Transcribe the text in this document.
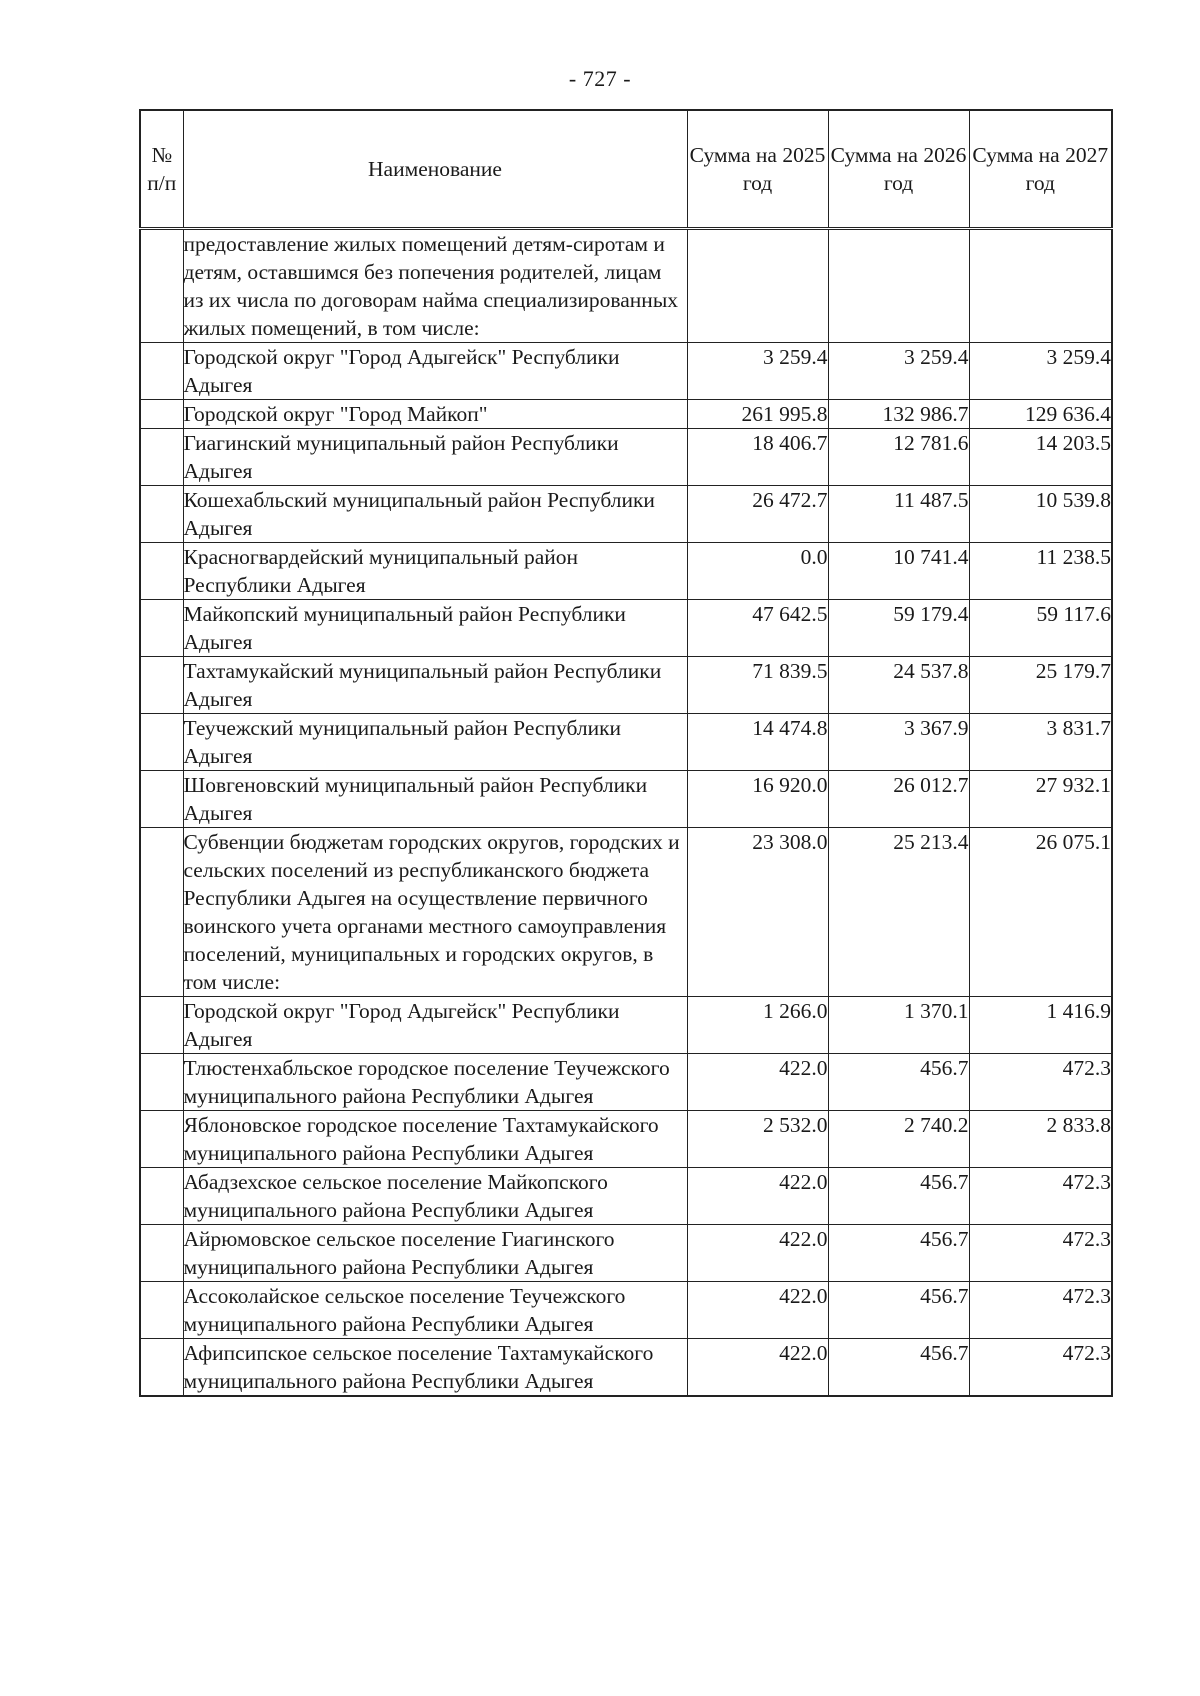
- 727 -
№ п/п	Наименование	Сумма на 2025 год	Сумма на 2026 год	Сумма на 2027 год
	предоставление жилых помещений детям-сиротам и детям, оставшимся без попечения родителей, лицам из их числа по договорам найма специализированных жилых помещений, в том числе:			
	Городской округ "Город Адыгейск" Республики Адыгея	3 259.4	3 259.4	3 259.4
	Городской округ "Город Майкоп"	261 995.8	132 986.7	129 636.4
	Гиагинский муниципальный район Республики Адыгея	18 406.7	12 781.6	14 203.5
	Кошехабльский муниципальный район Республики Адыгея	26 472.7	11 487.5	10 539.8
	Красногвардейский муниципальный район Республики Адыгея	0.0	10 741.4	11 238.5
	Майкопский муниципальный район Республики Адыгея	47 642.5	59 179.4	59 117.6
	Тахтамукайский муниципальный район Республики Адыгея	71 839.5	24 537.8	25 179.7
	Теучежский муниципальный район Республики Адыгея	14 474.8	3 367.9	3 831.7
	Шовгеновский муниципальный район Республики Адыгея	16 920.0	26 012.7	27 932.1
	Субвенции бюджетам городских округов, городских и сельских поселений из республиканского бюджета Республики Адыгея на осуществление первичного воинского учета органами местного самоуправления поселений, муниципальных и городских округов, в том числе:	23 308.0	25 213.4	26 075.1
	Городской округ "Город Адыгейск" Республики Адыгея	1 266.0	1 370.1	1 416.9
	Тлюстенхабльское городское поселение Теучежского муниципального района Республики Адыгея	422.0	456.7	472.3
	Яблоновское городское поселение Тахтамукайского муниципального района Республики Адыгея	2 532.0	2 740.2	2 833.8
	Абадзехское сельское поселение Майкопского муниципального района Республики Адыгея	422.0	456.7	472.3
	Айрюмовское сельское поселение Гиагинского муниципального района Республики Адыгея	422.0	456.7	472.3
	Ассоколайское сельское поселение Теучежского муниципального района Республики Адыгея	422.0	456.7	472.3
	Афипсипское сельское поселение Тахтамукайского муниципального района Республики Адыгея	422.0	456.7	472.3
